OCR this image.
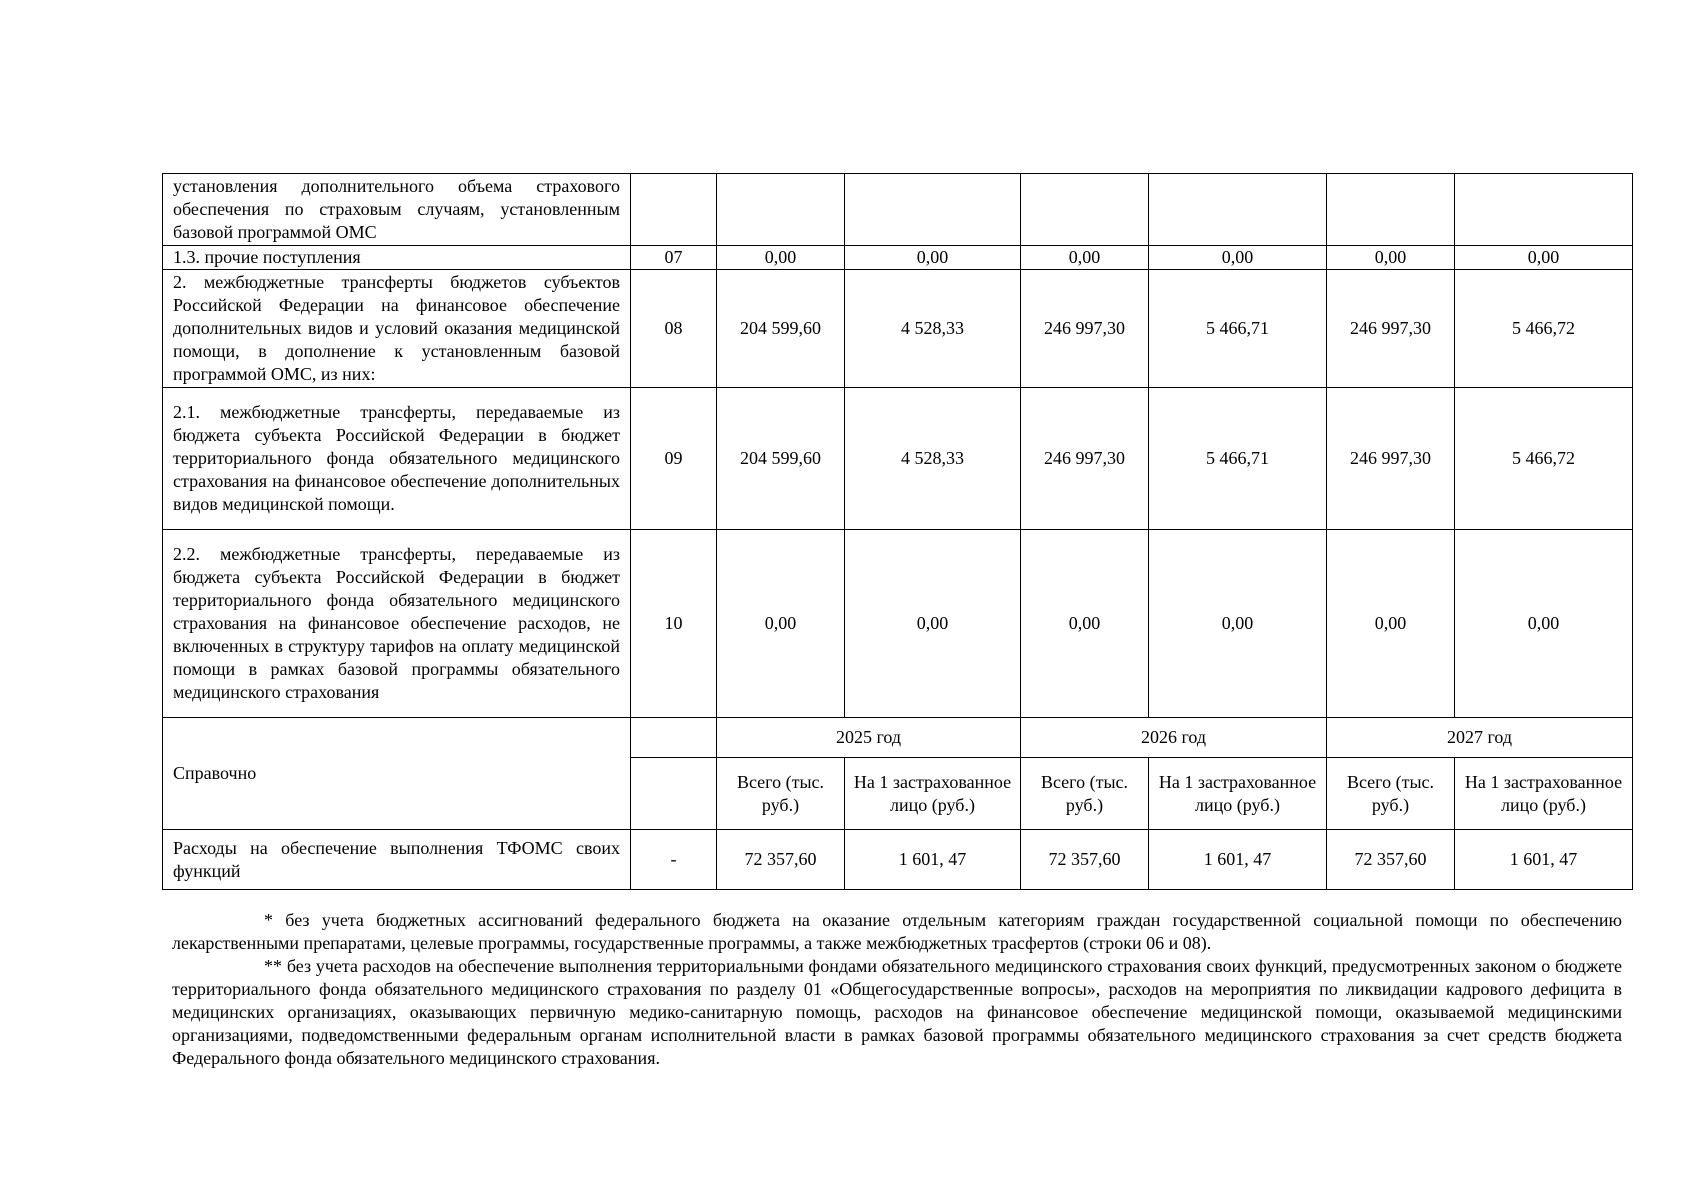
установления дополнительного объема страхового обеспечения по страховым случаям, установленным базовой программой ОМС							
1.3. прочие поступления	07	0,00	0,00	0,00	0,00	0,00	0,00
2. межбюджетные трансферты бюджетов субъектов Российской Федерации на финансовое обеспечение дополнительных видов и условий оказания медицинской помощи, в дополнение к установленным базовой программой ОМС, из них:	08	204 599,60	4 528,33	246 997,30	5 466,71	246 997,30	5 466,72
2.1. межбюджетные трансферты, передаваемые из бюджета субъекта Российской Федерации в бюджет территориального фонда обязательного медицинского страхования на финансовое обеспечение дополнительных видов медицинской помощи.	09	204 599,60	4 528,33	246 997,30	5 466,71	246 997,30	5 466,72
2.2. межбюджетные трансферты, передаваемые из бюджета субъекта Российской Федерации в бюджет территориального фонда обязательного медицинского страхования на финансовое обеспечение расходов, не включенных в структуру тарифов на оплату медицинской помощи в рамках базовой программы обязательного медицинского страхования	10	0,00	0,00	0,00	0,00	0,00	0,00
Справочно		2025 год		2026 год		2027 год	
		Всего (тыс. руб.)	На 1 застрахованное лицо (руб.)	Всего (тыс. руб.)	На 1 застрахованное лицо (руб.)	Всего (тыс. руб.)	На 1 застрахованное лицо (руб.)
Расходы на обеспечение выполнения ТФОМС своих функций	-	72 357,60	1 601, 47	72 357,60	1 601, 47	72 357,60	1 601, 47

* без учета бюджетных ассигнований федерального бюджета на оказание отдельным категориям граждан государственной социальной помощи по обеспечению лекарственными препаратами, целевые программы, государственные программы, а также межбюджетных трасфертов (строки 06 и 08).

** без учета расходов на обеспечение выполнения территориальными фондами обязательного медицинского страхования своих функций, предусмотренных законом о бюджете территориального фонда обязательного медицинского страхования по разделу 01 «Общегосударственные вопросы», расходов на мероприятия по ликвидации кадрового дефицита в медицинских организациях, оказывающих первичную медико-санитарную помощь, расходов на финансовое обеспечение медицинской помощи, оказываемой медицинскими организациями, подведомственными федеральным органам исполнительной власти в рамках базовой программы обязательного медицинского страхования за счет средств бюджета Федерального фонда обязательного медицинского страхования.
